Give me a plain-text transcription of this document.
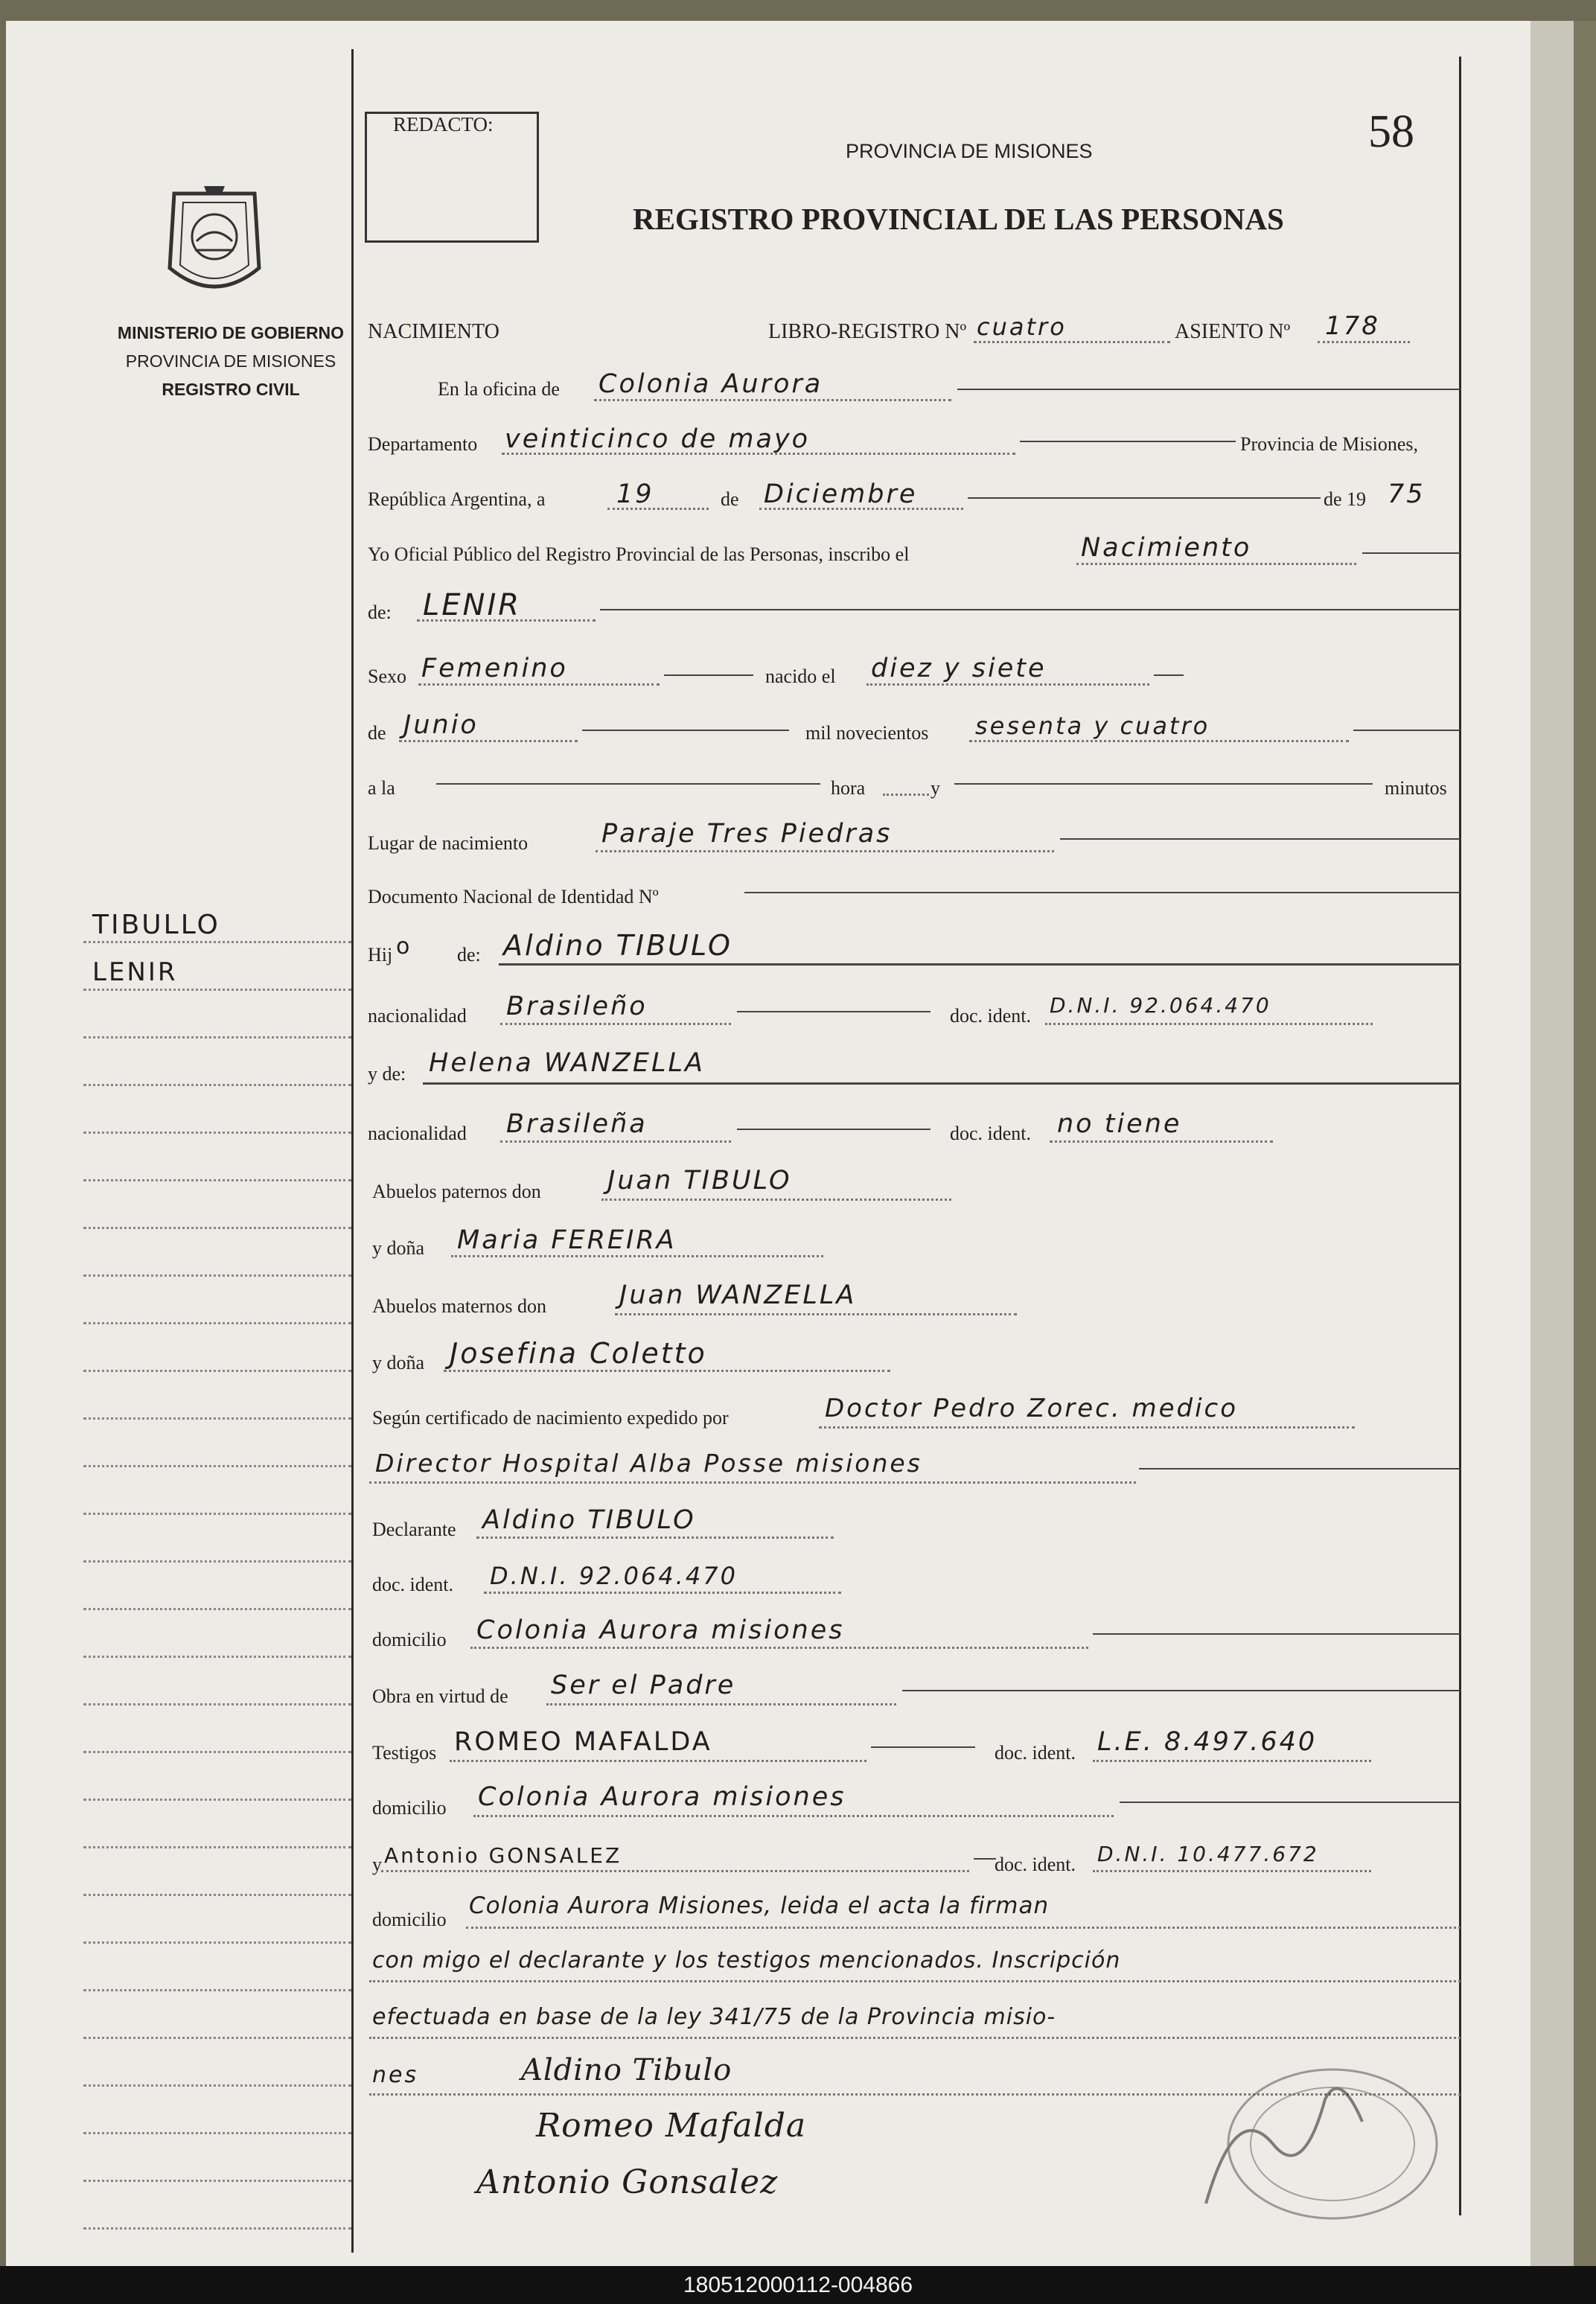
REDACTO:	58
PROVINCIA DE MISIONES
REGISTRO PROVINCIAL DE LAS PERSONAS
MINISTERIO DE GOBIERNO
PROVINCIA DE MISIONES
REGISTRO CIVIL
TIBULLO
LENIR
NACIMIENTO	LIBRO-REGISTRO Nº cuatro	ASIENTO Nº 178
En la oficina de Colonia Aurora
Departamento veinticinco de mayo	Provincia de Misiones,
República Argentina, a	19	de Diciembre	de 19 75
Yo Oficial Público del Registro Provincial de las Personas, inscribo el	Nacimiento
de: LENIR
Sexo Femenino	nacido el diez y siete
de Junio	mil novecientos sesenta y cuatro
a la	hora	y	minutos
Lugar de nacimiento	Paraje Tres Piedras
Documento Nacional de Identidad Nº
Hij o de: Aldino TIBULO
nacionalidad Brasileño	doc. ident. D.N.I. 92.064.470
y de: Helena WANZELLA
nacionalidad Brasileña	doc. ident. no tiene
Abuelos paternos don	Juan TIBULO
y doña Maria FEREIRA
Abuelos maternos don	Juan WANZELLA
y doña Josefina Coletto
Según certificado de nacimiento expedido por	Doctor Pedro Zorec. medico
Director Hospital Alba Posse misiones
Declarante Aldino TIBULO
doc. ident. D.N.I. 92.064.470
domicilio Colonia Aurora misiones
Obra en virtud de Ser el Padre
Testigos ROMEO MAFALDA	doc. ident. L.E. 8.497.640
domicilio Colonia Aurora misiones
y Antonio GONSALEZ	doc. ident. D.N.I. 10.477.672
domicilio
Colonia Aurora Misiones, leida el acta la firman
con migo el declarante y los testigos mencionados. Inscripción
efectuada en base de la ley 341/75 de la Provincia misio-
nes	Aldino Tibulo
Romeo Mafalda
Antonio Gonsalez
180512000112-004866
